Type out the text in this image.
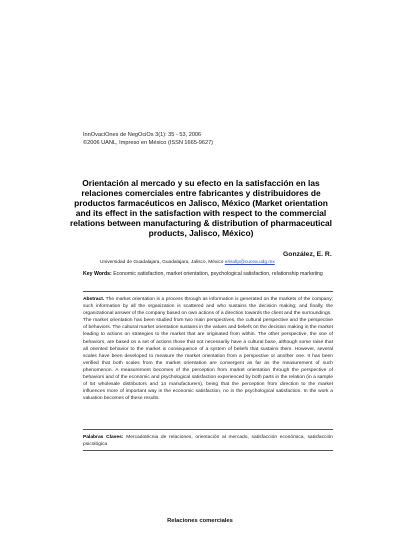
InnOvaciOnes de NegOciOs 3(1): 35 - 53, 2006
©2006 UANL, Impreso en México (ISSN 1665-9627)
Orientación al mercado y su efecto en la satisfacción en las relaciones comerciales entre fabricantes y distribuidores de productos farmacéuticos en Jalisco, México (Market orientation and its effect in the satisfaction with respect to the commercial relations between manufacturing & distribution of pharmaceutical products, Jalisco, México)
González, E. R.
Universidad de Guadalajara, Guadalajara, Jalisco, México erisolip@cucea.udg.mx
Key Words: Economic satisfaction, market orientation, psychological satisfaction, relationship marketing

Abstract. The market orientation is a process through as information is generated on the markets of the company; such information by all the organization is scattered and who sustains the decision making; and finally, the organizational answer of the company based on own actions of a direction towards the client and the surroundings.

The market orientation has been studied from two main perspectives, the cultural perspective and the perspective of behaviors. The cultural market orientation sustains in the values and beliefs on the decision making in the market leading to actions on strategies to the market that are originated from within. The other perspective, the one of behaviors, are based on a set of actions those that not necessarily have a cultural base, although some raise that all oriented behavior to the market is consequence of a system of beliefs that sustains them. However, several scales have been developed to measure the market orientation from a perspective or another one. It has been verified that both scales from the market orientation are convergent as far as the measurement of such phenomenon. A measurement becomes of the perception from market orientation through the perspective of behaviors and of the economic and psychological satisfaction experienced by both parts in the relation (in a sample of 54 wholesale distributors and 14 manufacturers), being that the perception from direction to the market influences more of important way in the economic satisfaction, no in the psychological satisfaction. In the work a valuation becomes of these results.

Palabras Claves: Mercadotécnia de relaciones, orientación al mercado, satisfacción económica, satisfacción psicológica
Relaciones comerciales
